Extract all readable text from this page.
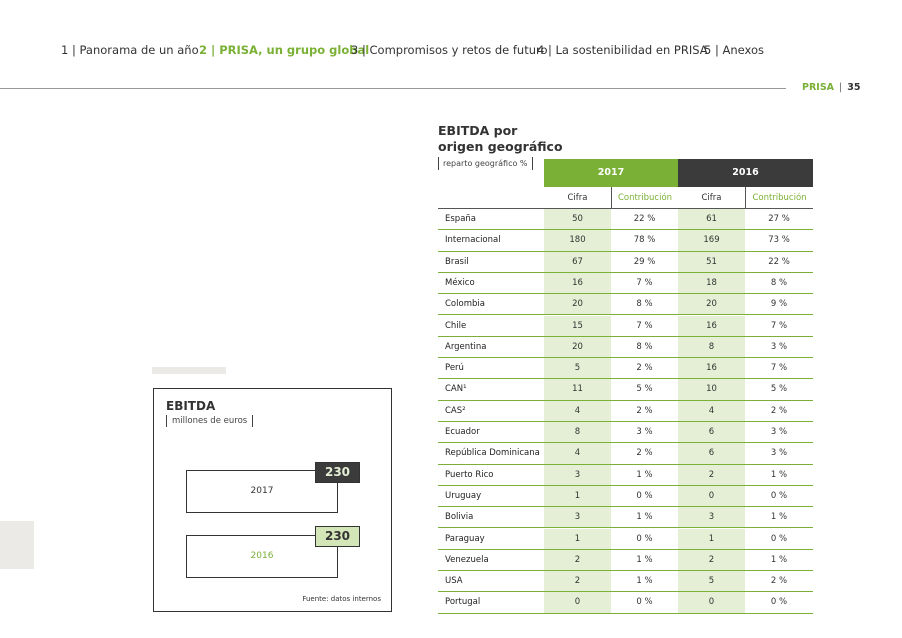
1 | Panorama de un año 2 | PRISA, un grupo global
3 | Compromisos y retos de futuro
4 | La sostenibilidad en PRISA
5 | Anexos
PRISA | 35
EBITDA
millones de euros
2017
230
2016
230
Fuente: datos internos
EBITDA por
origen geográfico
reparto geográfico %
2017	2016
Cifra	Contribución	Cifra	Contribución
España	50	22 %	61	27 %
Internacional	180	78 %	169	73 %
Brasil	67	29 %	51	22 %
México	16	7 %	18	8 %
Colombia	20	8 %	20	9 %
Chile	15	7 %	16	7 %
Argentina	20	8 %	8	3 %
Perú	5	2 %	16	7 %
CAN¹	11	5 %	10	5 %
CAS²	4	2 %	4	2 %
Ecuador	8	3 %	6	3 %
República Dominicana	4	2 %	6	3 %
Puerto Rico	3	1 %	2	1 %
Uruguay	1	0 %	0	0 %
Bolivia	3	1 %	3	1 %
Paraguay	1	0 %	1	0 %
Venezuela	2	1 %	2	1 %
USA	2	1 %	5	2 %
Portugal	0	0 %	0	0 %
